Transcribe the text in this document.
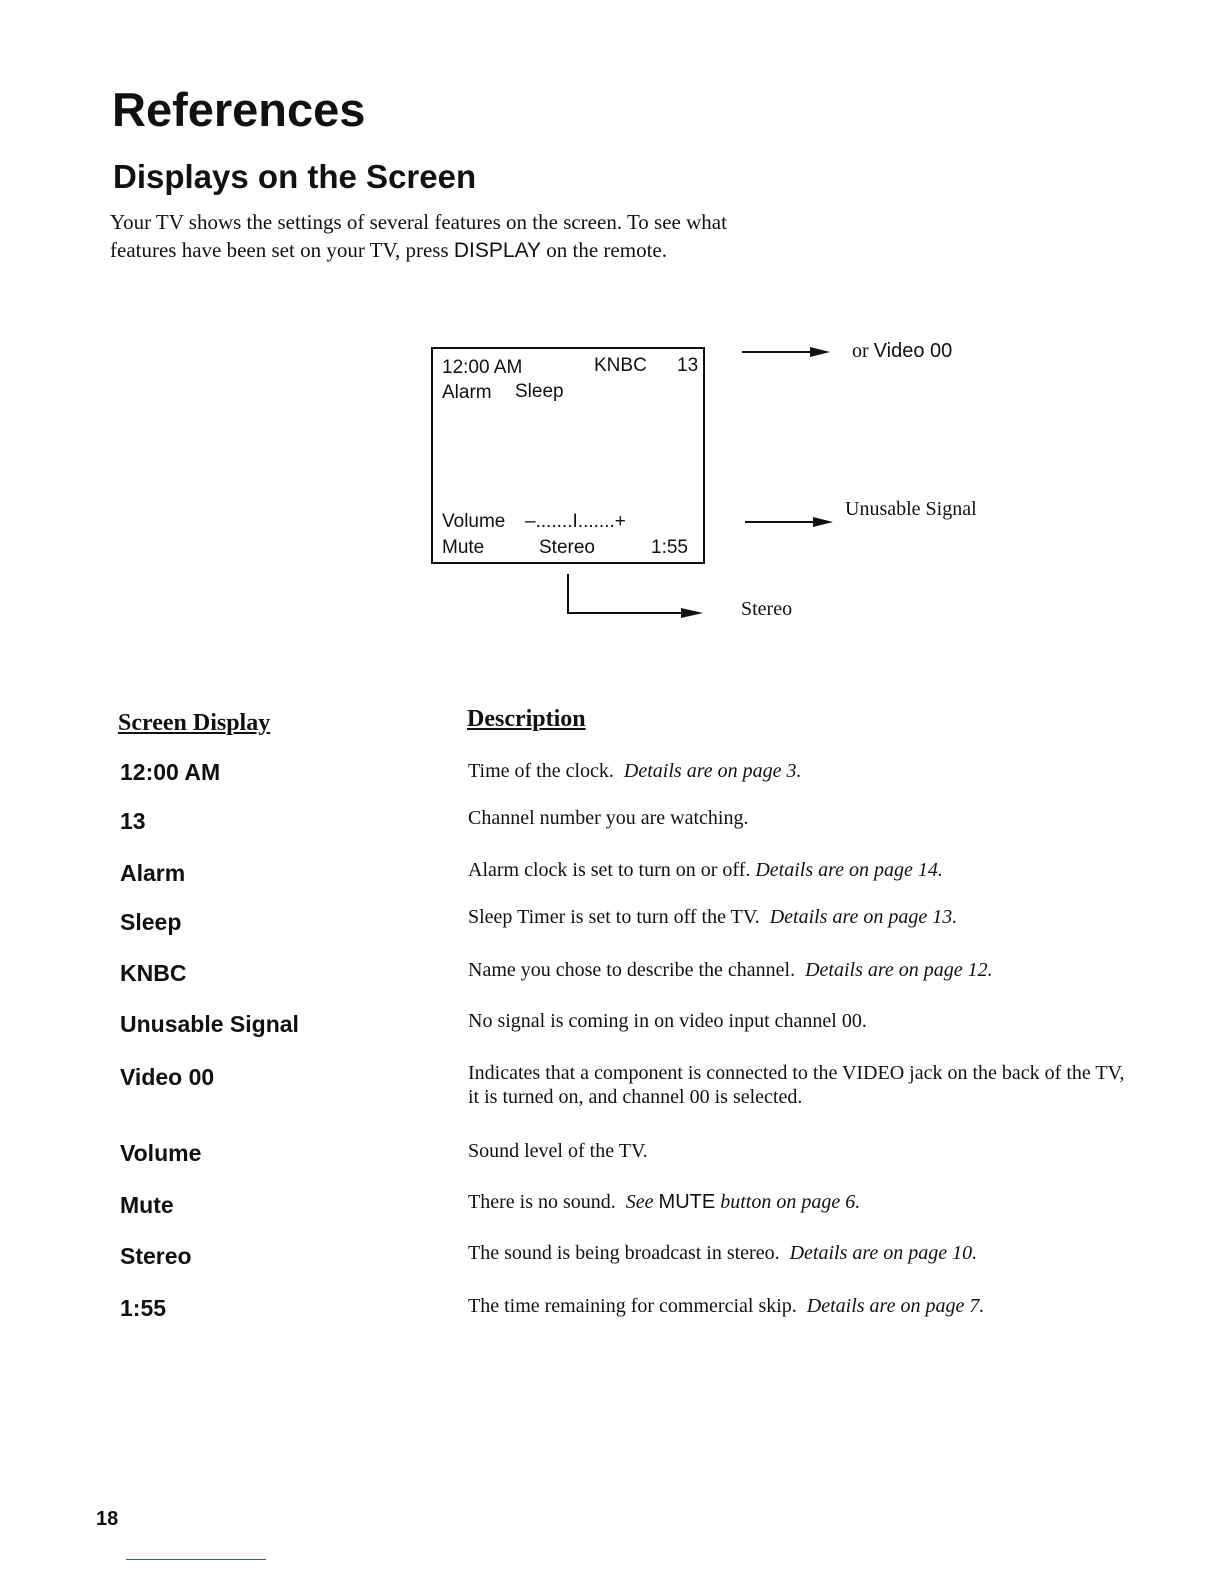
References
Displays on the Screen
Your TV shows the settings of several features on the screen. To see what
features have been set on your TV, press DISPLAY on the remote.
12:00 AM	KNBC 13
Alarm Sleep
Volume –.......I.......+
Mute	Stereo	1:55
or Video 00
Unusable Signal
Stereo
Screen Display	Description
12:00 AM	Time of the clock. Details are on page 3.
13	Channel number you are watching.
Alarm	Alarm clock is set to turn on or off. Details are on page 14.
Sleep	Sleep Timer is set to turn off the TV. Details are on page 13.
KNBC	Name you chose to describe the channel. Details are on page 12.
Unusable Signal	No signal is coming in on video input channel 00.
Video 00	Indicates that a component is connected to the VIDEO jack on the back of the TV, it is turned on, and channel 00 is selected.
Volume	Sound level of the TV.
Mute	There is no sound. See MUTE button on page 6.
Stereo	The sound is being broadcast in stereo. Details are on page 10.
1:55	The time remaining for commercial skip. Details are on page 7.
18
